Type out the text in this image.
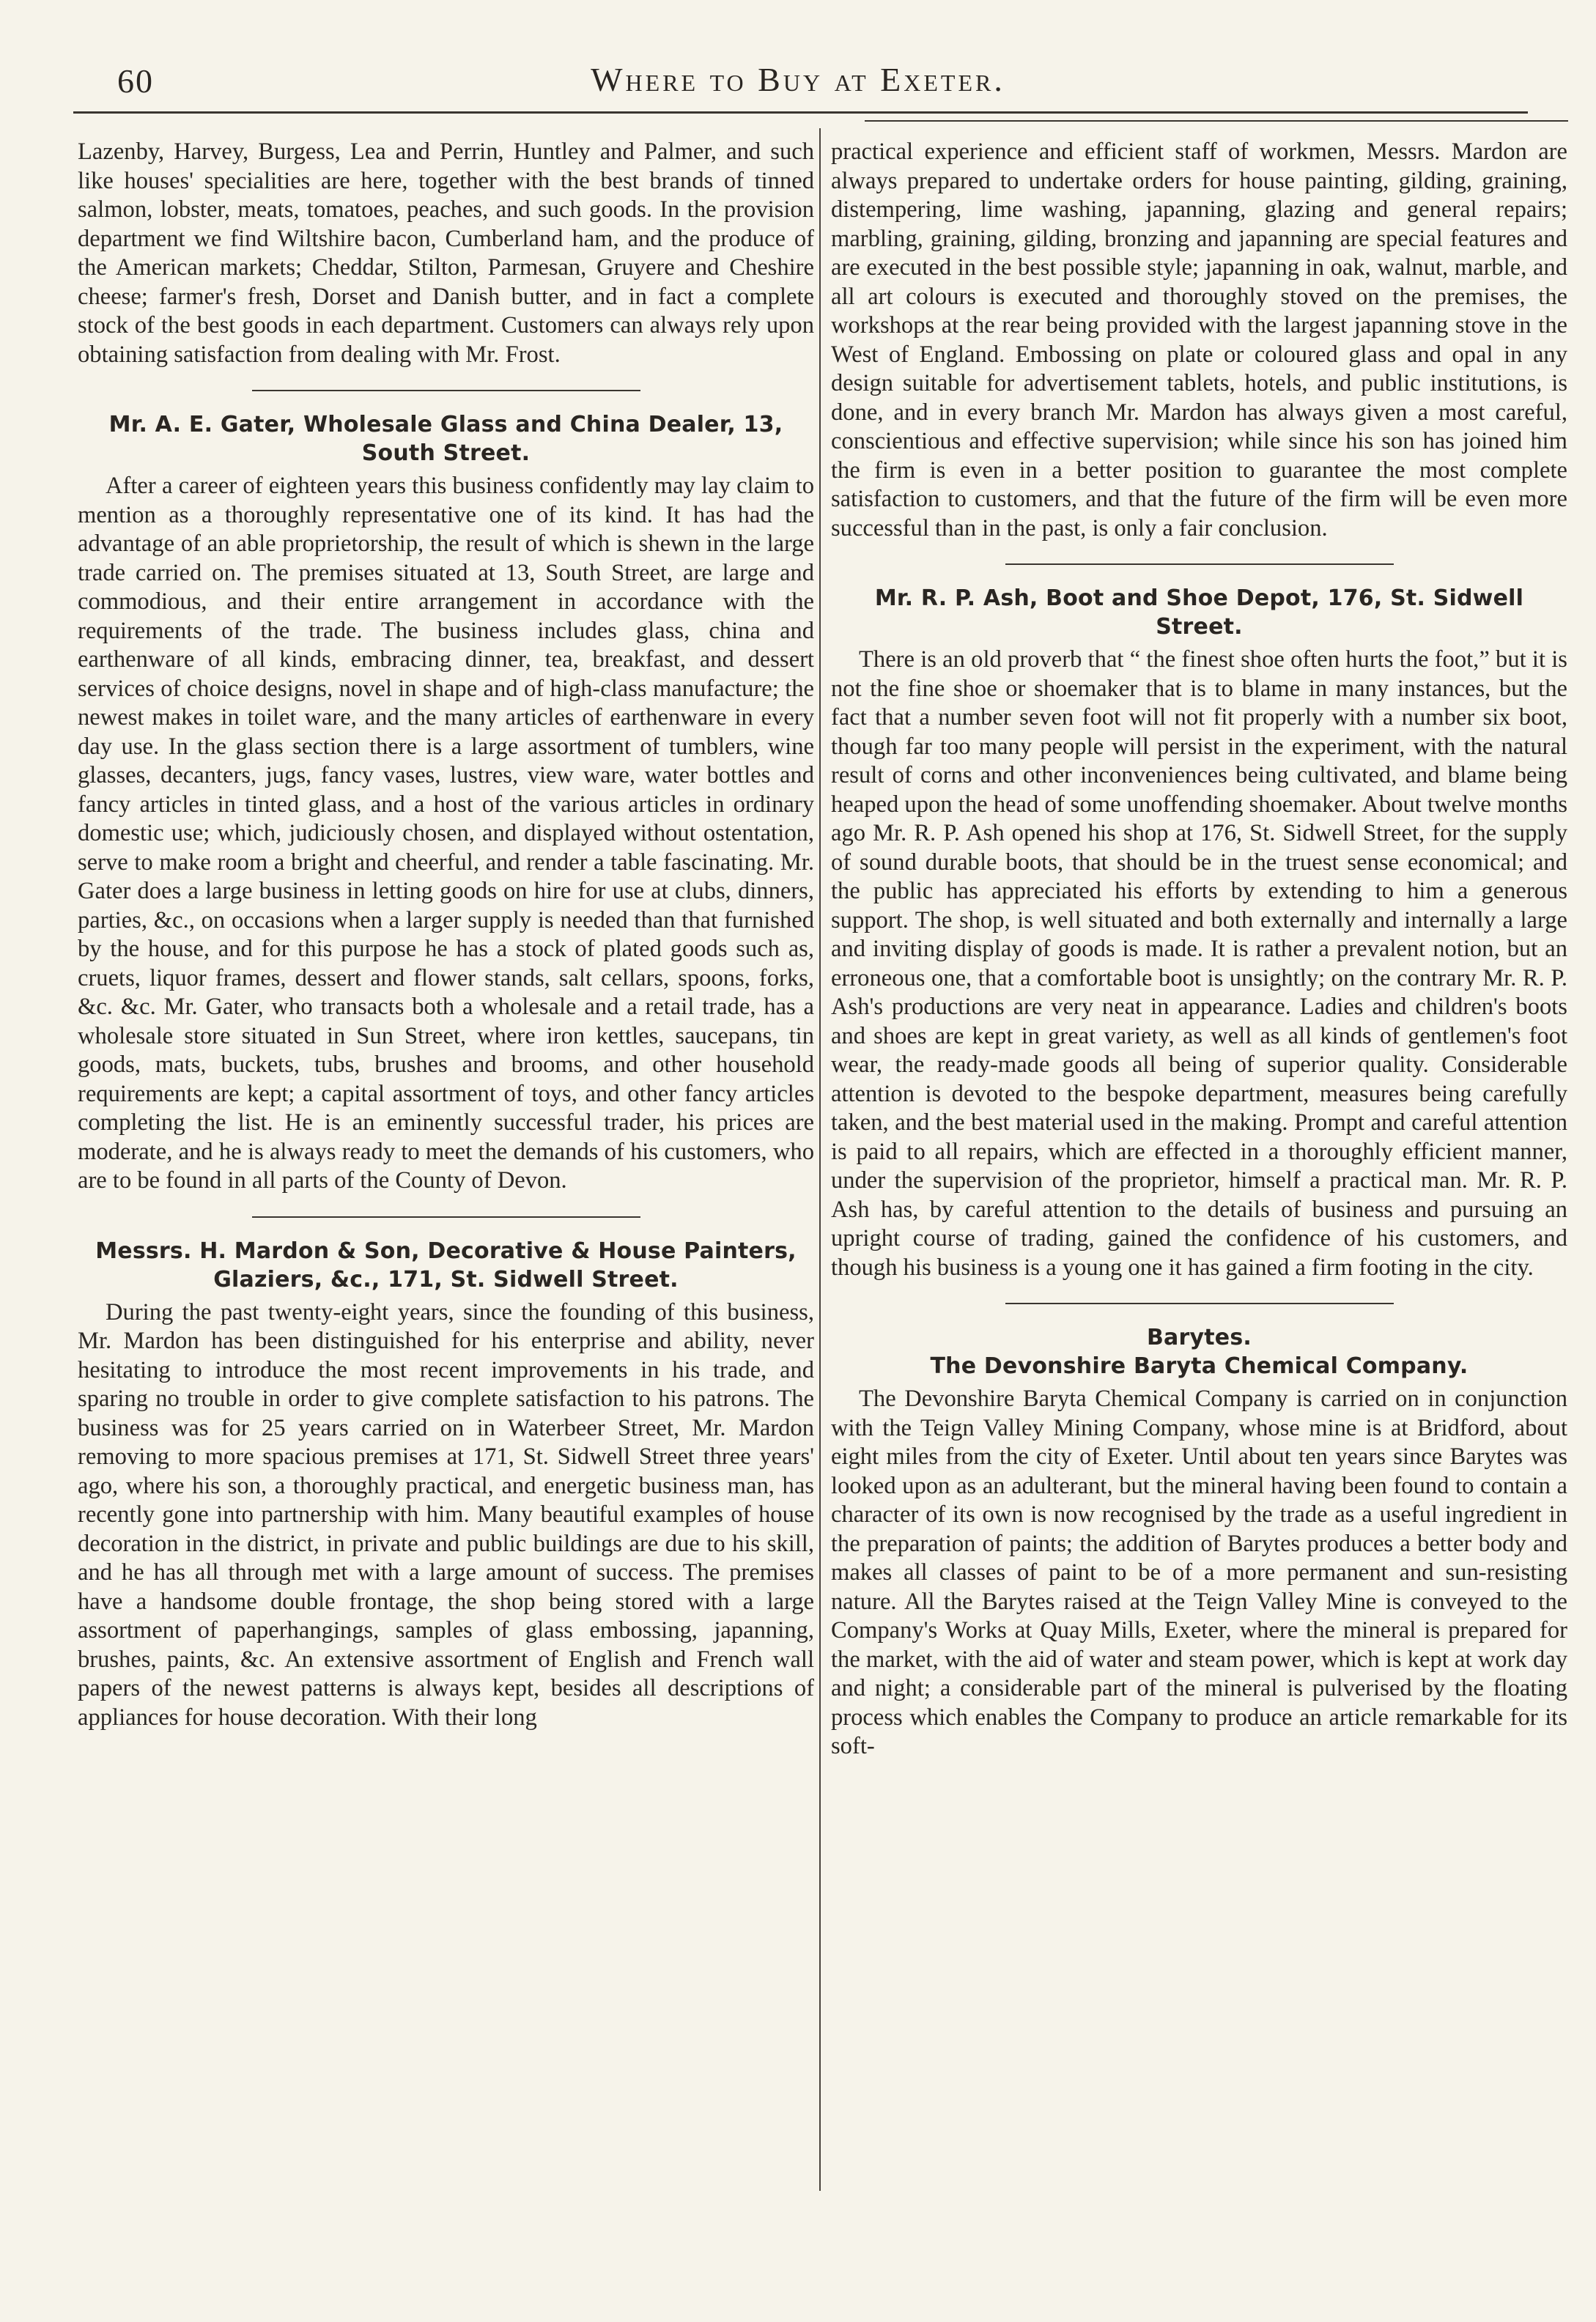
60	Where to Buy at Exeter.

Lazenby, Harvey, Burgess, Lea and Perrin, Huntley and Palmer, and such like houses' specialities are here, together with the best brands of tinned salmon, lobster, meats, tomatoes, peaches, and such goods. In the provision department we find Wiltshire bacon, Cumberland ham, and the produce of the American markets; Cheddar, Stilton, Parmesan, Gruyere and Cheshire cheese; farmer's fresh, Dorset and Danish butter, and in fact a complete stock of the best goods in each department. Customers can always rely upon obtaining satisfaction from dealing with Mr. Frost.

Mr. A. E. Gater, Wholesale Glass and China Dealer, 13, South Street.

After a career of eighteen years this business confidently may lay claim to mention as a thoroughly representative one of its kind. It has had the advantage of an able proprietorship, the result of which is shewn in the large trade carried on. The premises situated at 13, South Street, are large and commodious, and their entire arrangement in accordance with the requirements of the trade. The business includes glass, china and earthenware of all kinds, embracing dinner, tea, breakfast, and dessert services of choice designs, novel in shape and of high-class manufacture; the newest makes in toilet ware, and the many articles of earthenware in every day use. In the glass section there is a large assortment of tumblers, wine glasses, decanters, jugs, fancy vases, lustres, view ware, water bottles and fancy articles in tinted glass, and a host of the various articles in ordinary domestic use; which, judiciously chosen, and displayed without ostentation, serve to make room a bright and cheerful, and render a table fascinating. Mr. Gater does a large business in letting goods on hire for use at clubs, dinners, parties, &c., on occasions when a larger supply is needed than that furnished by the house, and for this purpose he has a stock of plated goods such as, cruets, liquor frames, dessert and flower stands, salt cellars, spoons, forks, &c. &c. Mr. Gater, who transacts both a wholesale and a retail trade, has a wholesale store situated in Sun Street, where iron kettles, saucepans, tin goods, mats, buckets, tubs, brushes and brooms, and other household requirements are kept; a capital assortment of toys, and other fancy articles completing the list. He is an eminently successful trader, his prices are moderate, and he is always ready to meet the demands of his customers, who are to be found in all parts of the County of Devon.

Messrs. H. Mardon & Son, Decorative & House Painters, Glaziers, &c., 171, St. Sidwell Street.

During the past twenty-eight years, since the founding of this business, Mr. Mardon has been distinguished for his enterprise and ability, never hesitating to introduce the most recent improvements in his trade, and sparing no trouble in order to give complete satisfaction to his patrons. The business was for 25 years carried on in Waterbeer Street, Mr. Mardon removing to more spacious premises at 171, St. Sidwell Street three years' ago, where his son, a thoroughly practical, and energetic business man, has recently gone into partnership with him. Many beautiful examples of house decoration in the district, in private and public buildings are due to his skill, and he has all through met with a large amount of success. The premises have a handsome double frontage, the shop being stored with a large assortment of paperhangings, samples of glass embossing, japanning, brushes, paints, &c. An extensive assortment of English and French wall papers of the newest patterns is always kept, besides all descriptions of appliances for house decoration. With their long

practical experience and efficient staff of workmen, Messrs. Mardon are always prepared to undertake orders for house painting, gilding, graining, distempering, lime washing, japanning, glazing and general repairs; marbling, graining, gilding, bronzing and japanning are special features and are executed in the best possible style; japanning in oak, walnut, marble, and all art colours is executed and thoroughly stoved on the premises, the workshops at the rear being provided with the largest japanning stove in the West of England. Embossing on plate or coloured glass and opal in any design suitable for advertisement tablets, hotels, and public institutions, is done, and in every branch Mr. Mardon has always given a most careful, conscientious and effective supervision; while since his son has joined him the firm is even in a better position to guarantee the most complete satisfaction to customers, and that the future of the firm will be even more successful than in the past, is only a fair conclusion.

Mr. R. P. Ash, Boot and Shoe Depot, 176, St. Sidwell Street.

There is an old proverb that “ the finest shoe often hurts the foot,” but it is not the fine shoe or shoemaker that is to blame in many instances, but the fact that a number seven foot will not fit properly with a number six boot, though far too many people will persist in the experiment, with the natural result of corns and other inconveniences being cultivated, and blame being heaped upon the head of some unoffending shoemaker. About twelve months ago Mr. R. P. Ash opened his shop at 176, St. Sidwell Street, for the supply of sound durable boots, that should be in the truest sense economical; and the public has appreciated his efforts by extending to him a generous support. The shop, is well situated and both externally and internally a large and inviting display of goods is made. It is rather a prevalent notion, but an erroneous one, that a comfortable boot is unsightly; on the contrary Mr. R. P. Ash's productions are very neat in appearance. Ladies and children's boots and shoes are kept in great variety, as well as all kinds of gentlemen's foot wear, the ready-made goods all being of superior quality. Considerable attention is devoted to the bespoke department, measures being carefully taken, and the best material used in the making. Prompt and careful attention is paid to all repairs, which are effected in a thoroughly efficient manner, under the supervision of the proprietor, himself a practical man. Mr. R. P. Ash has, by careful attention to the details of business and pursuing an upright course of trading, gained the confidence of his customers, and though his business is a young one it has gained a firm footing in the city.

Barytes.
The Devonshire Baryta Chemical Company.

The Devonshire Baryta Chemical Company is carried on in conjunction with the Teign Valley Mining Company, whose mine is at Bridford, about eight miles from the city of Exeter. Until about ten years since Barytes was looked upon as an adulterant, but the mineral having been found to contain a character of its own is now recognised by the trade as a useful ingredient in the preparation of paints; the addition of Barytes produces a better body and makes all classes of paint to be of a more permanent and sun-resisting nature. All the Barytes raised at the Teign Valley Mine is conveyed to the Company's Works at Quay Mills, Exeter, where the mineral is prepared for the market, with the aid of water and steam power, which is kept at work day and night; a considerable part of the mineral is pulverised by the floating process which enables the Company to produce an article remarkable for its soft-
